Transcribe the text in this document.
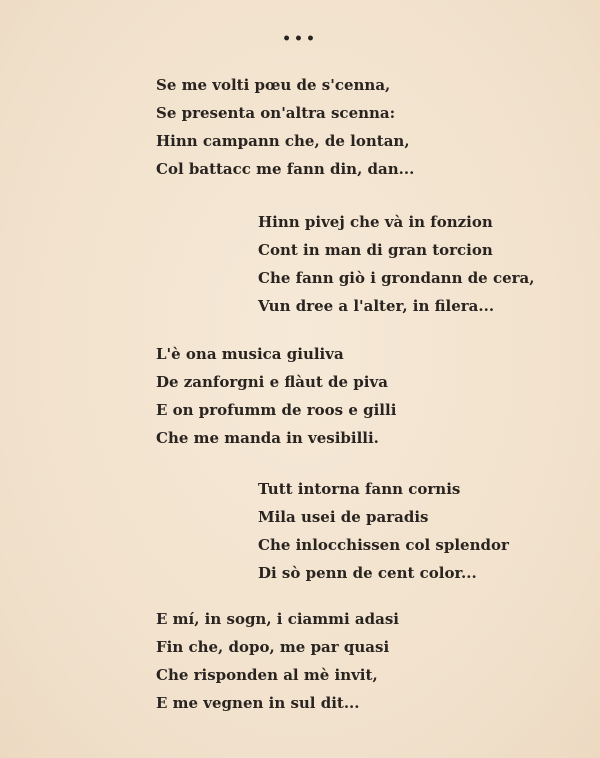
•••
Se me volti pœu de s'cenna,
Se presenta on'altra scenna:
Hinn campann che, de lontan,
Col battacc me fann din, dan...
Hinn pivej che và in fonzion
Cont in man di gran torcion
Che fann giò i grondann de cera,
Vun dree a l'alter, in filera...
L'è ona musica giuliva
De zanforgni e flàut de piva
E on profumm de roos e gilli
Che me manda in vesibilli.
Tutt intorna fann cornis
Mila usei de paradis
Che inlocchissen col splendor
Di sò penn de cent color...
E mí, in sogn, i ciammi adasi
Fin che, dopo, me par quasi
Che risponden al mè invit,
E me vegnen in sul dit...
